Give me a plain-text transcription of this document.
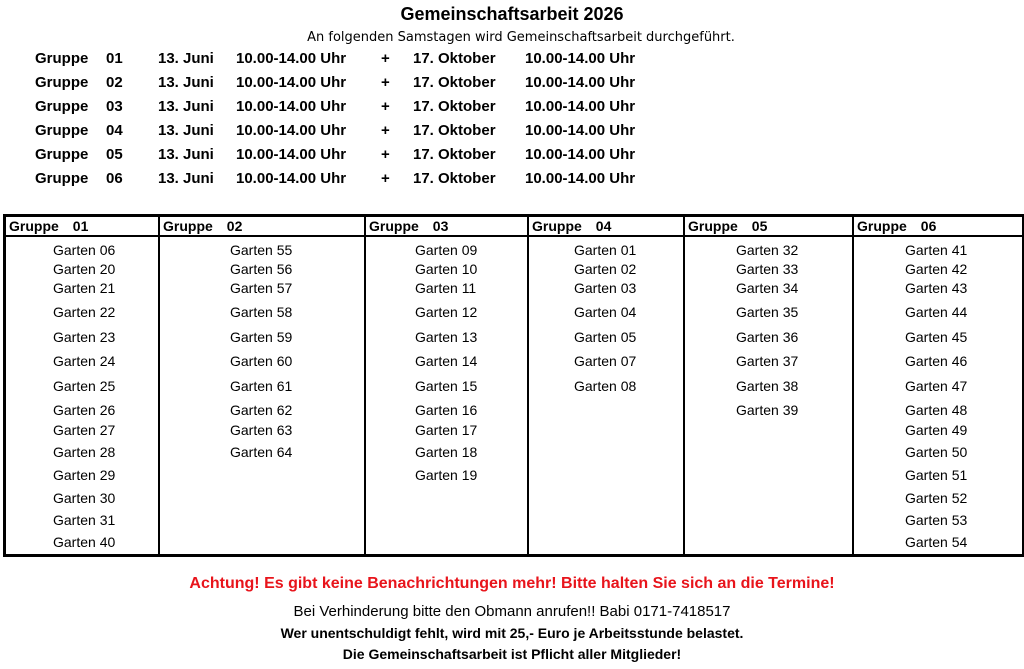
Gemeinschaftsarbeit 2026
An folgenden Samstagen wird Gemeinschaftsarbeit durchgeführt.
Gruppe 01 13. Juni 10.00-14.00 Uhr + 17. Oktober 10.00-14.00 Uhr
Gruppe 02 13. Juni 10.00-14.00 Uhr + 17. Oktober 10.00-14.00 Uhr
Gruppe 03 13. Juni 10.00-14.00 Uhr + 17. Oktober 10.00-14.00 Uhr
Gruppe 04 13. Juni 10.00-14.00 Uhr + 17. Oktober 10.00-14.00 Uhr
Gruppe 05 13. Juni 10.00-14.00 Uhr + 17. Oktober 10.00-14.00 Uhr
Gruppe 06 13. Juni 10.00-14.00 Uhr + 17. Oktober 10.00-14.00 Uhr
Gruppe 01
Garten 06
Garten 20
Garten 21
Garten 22
Garten 23
Garten 24
Garten 25
Garten 26
Garten 27
Garten 28
Garten 29
Garten 30
Garten 31
Garten 40
Gruppe 02
Garten 55
Garten 56
Garten 57
Garten 58
Garten 59
Garten 60
Garten 61
Garten 62
Garten 63
Garten 64
Gruppe 03
Garten 09
Garten 10
Garten 11
Garten 12
Garten 13
Garten 14
Garten 15
Garten 16
Garten 17
Garten 18
Garten 19
Gruppe 04
Garten 01
Garten 02
Garten 03
Garten 04
Garten 05
Garten 07
Garten 08
Gruppe 05
Garten 32
Garten 33
Garten 34
Garten 35
Garten 36
Garten 37
Garten 38
Garten 39
Gruppe 06
Garten 41
Garten 42
Garten 43
Garten 44
Garten 45
Garten 46
Garten 47
Garten 48
Garten 49
Garten 50
Garten 51
Garten 52
Garten 53
Garten 54
Achtung! Es gibt keine Benachrichtungen mehr! Bitte halten Sie sich an die Termine!
Bei Verhinderung bitte den Obmann anrufen!! Babi 0171-7418517
Wer unentschuldigt fehlt, wird mit 25,- Euro je Arbeitsstunde belastet.
Die Gemeinschaftsarbeit ist Pflicht aller Mitglieder!
